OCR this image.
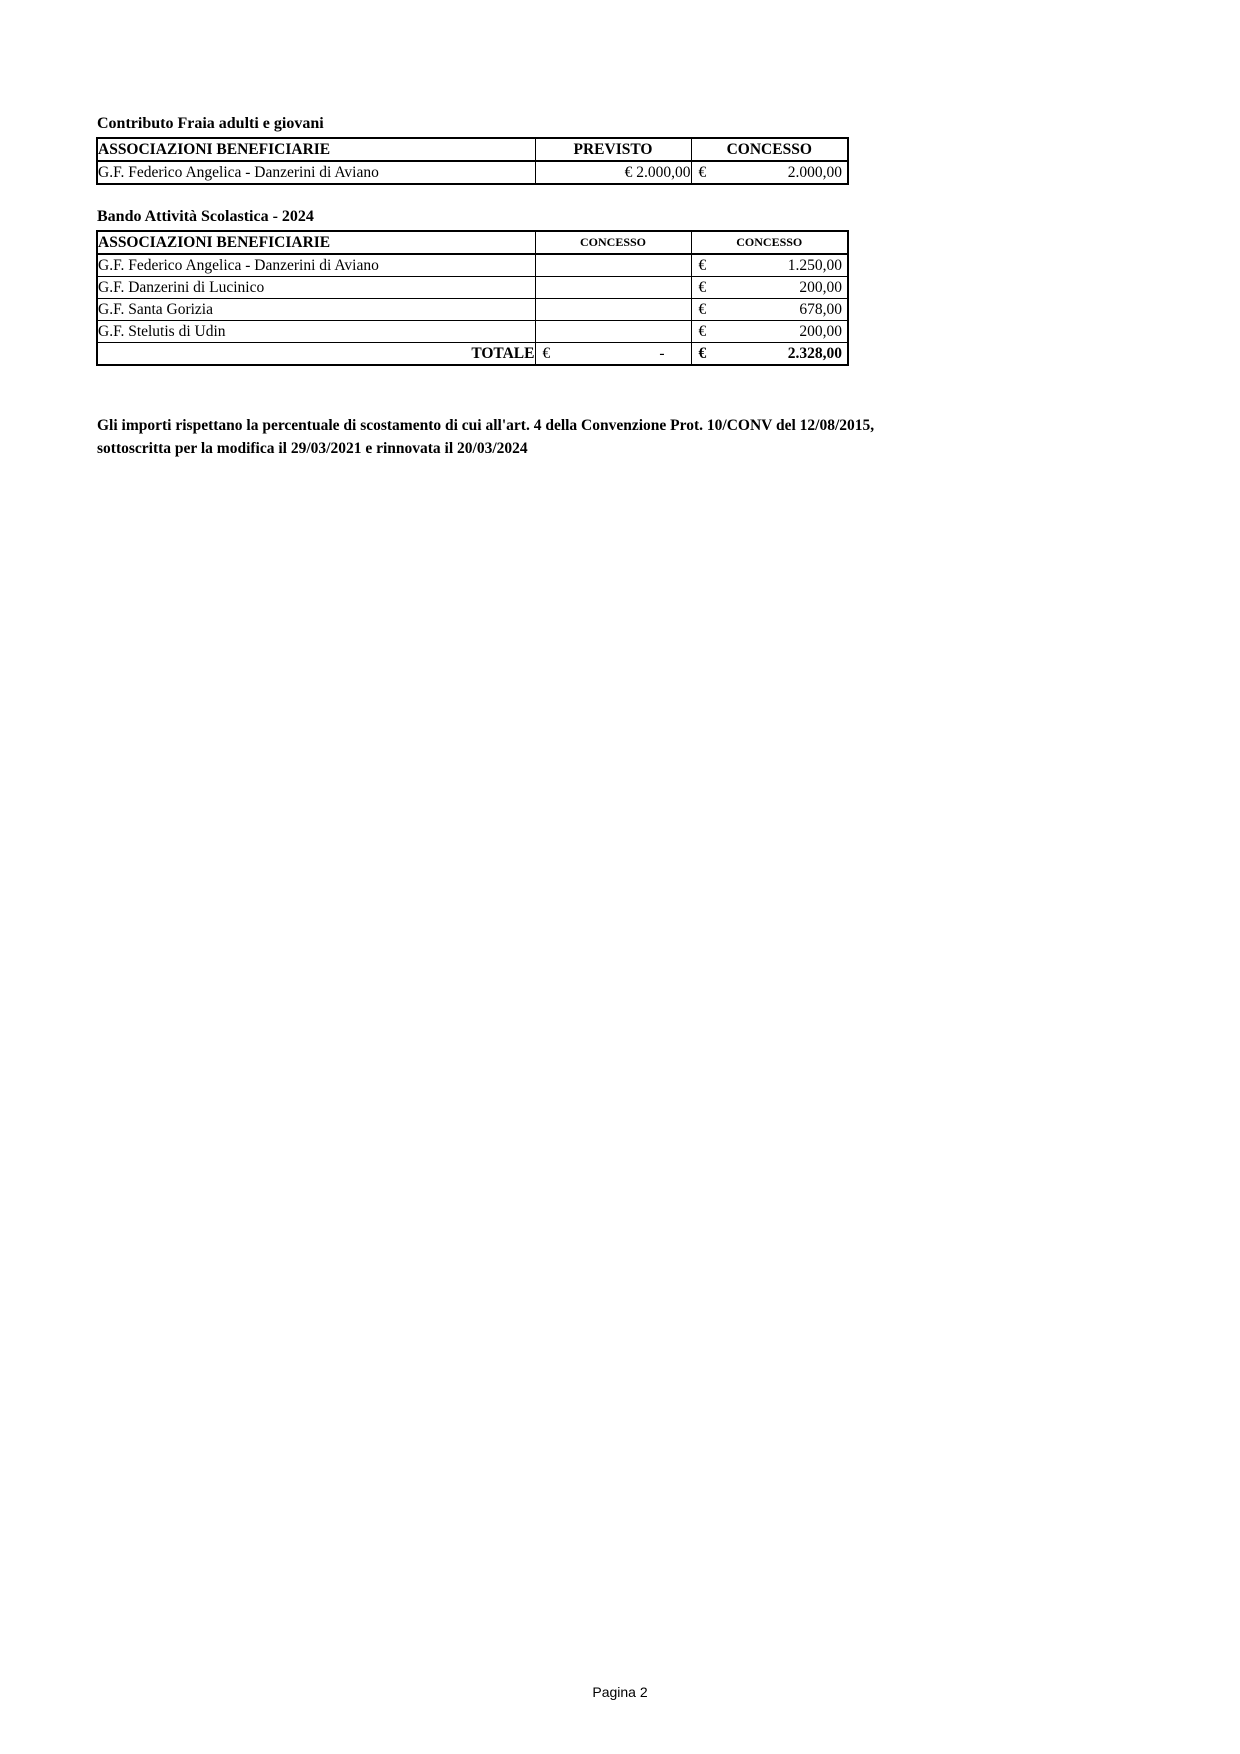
Contributo Fraia adulti e giovani
ASSOCIAZIONI BENEFICIARIE	PREVISTO	CONCESSO
G.F. Federico Angelica - Danzerini di Aviano	€ 2.000,00	€ 2.000,00
Bando Attività Scolastica - 2024
ASSOCIAZIONI BENEFICIARIE	CONCESSO	CONCESSO
G.F. Federico Angelica - Danzerini di Aviano		€ 1.250,00

G.F. Danzerini di Lucinico		€ 200,00

G.F. Santa Gorizia		€ 678,00

G.F. Stelutis di Udin		€ 200,00

TOTALE	€ -	€ 2.328,00
Gli importi rispettano la percentuale di scostamento di cui all'art. 4 della Convenzione Prot. 10/CONV del 12/08/2015,
sottoscritta per la modifica il 29/03/2021 e rinnovata il 20/03/2024
Pagina 2
